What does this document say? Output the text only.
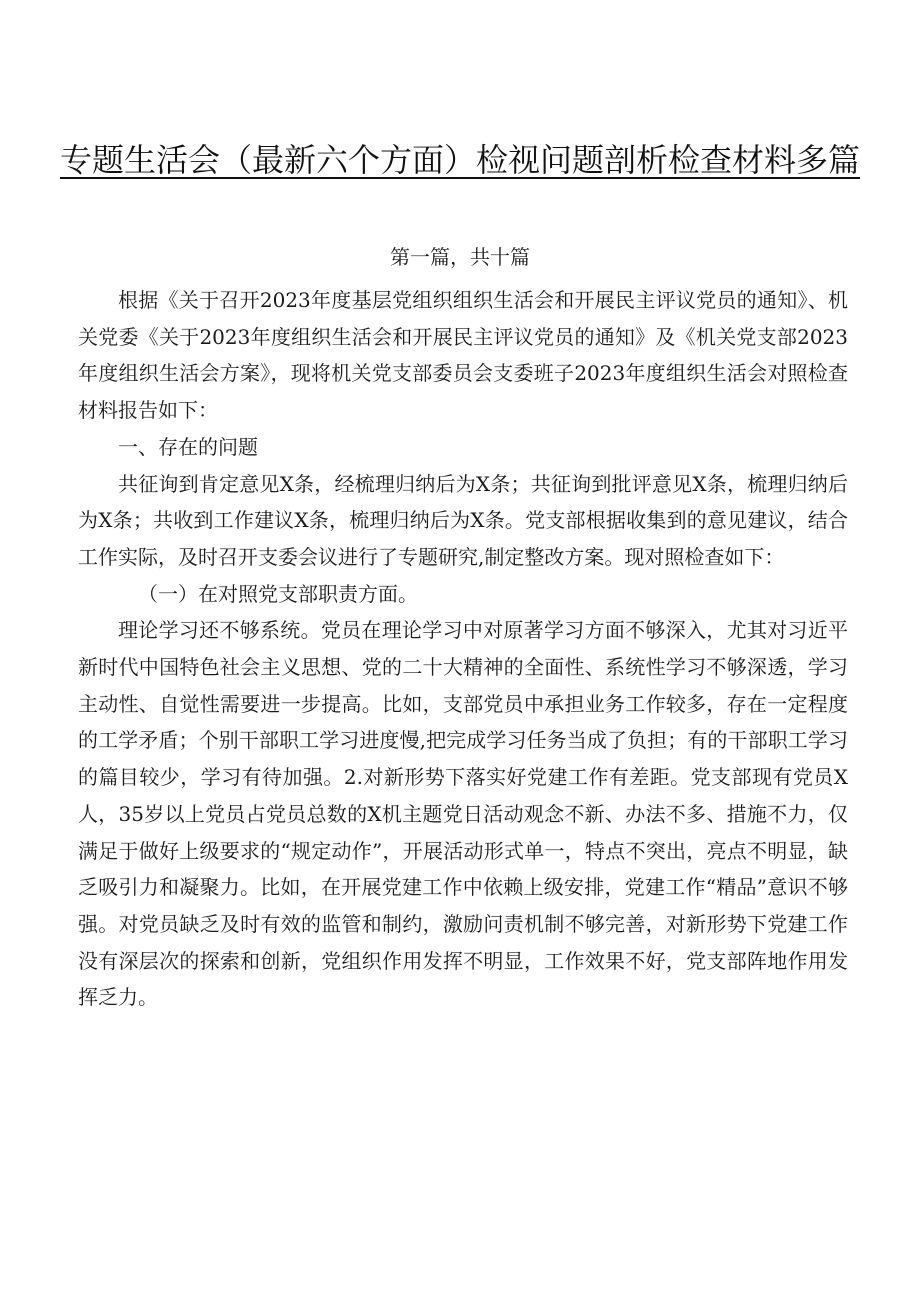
专题生活会（最新六个方面）检视问题剖析检查材料多篇
第一篇，共十篇

根据《关于召开2023年度基层党组织组织生活会和开展民主评议党员的通知》、机关党委《关于2023年度组织生活会和开展民主评议党员的通知》及《机关党支部2023年度组织生活会方案》，现将机关党支部委员会支委班子2023年度组织生活会对照检查材料报告如下：

一、存在的问题

共征询到肯定意见X条，经梳理归纳后为X条；共征询到批评意见X条，梳理归纳后为X条；共收到工作建议X条，梳理归纳后为X条。党支部根据收集到的意见建议，结合工作实际，及时召开支委会议进行了专题研究,制定整改方案。现对照检查如下：

（一）在对照党支部职责方面。

理论学习还不够系统。党员在理论学习中对原著学习方面不够深入，尤其对习近平新时代中国特色社会主义思想、党的二十大精神的全面性、系统性学习不够深透，学习主动性、自觉性需要进一步提高。比如，支部党员中承担业务工作较多，存在一定程度的工学矛盾；个别干部职工学习进度慢,把完成学习任务当成了负担；有的干部职工学习的篇目较少，学习有待加强。2.对新形势下落实好党建工作有差距。党支部现有党员X人，35岁以上党员占党员总数的X机主题党日活动观念不新、办法不多、措施不力，仅满足于做好上级要求的“规定动作”，开展活动形式单一，特点不突出，亮点不明显，缺乏吸引力和凝聚力。比如，在开展党建工作中依赖上级安排，党建工作“精品”意识不够强。对党员缺乏及时有效的监管和制约，激励问责机制不够完善，对新形势下党建工作没有深层次的探索和创新，党组织作用发挥不明显，工作效果不好，党支部阵地作用发挥乏力。
